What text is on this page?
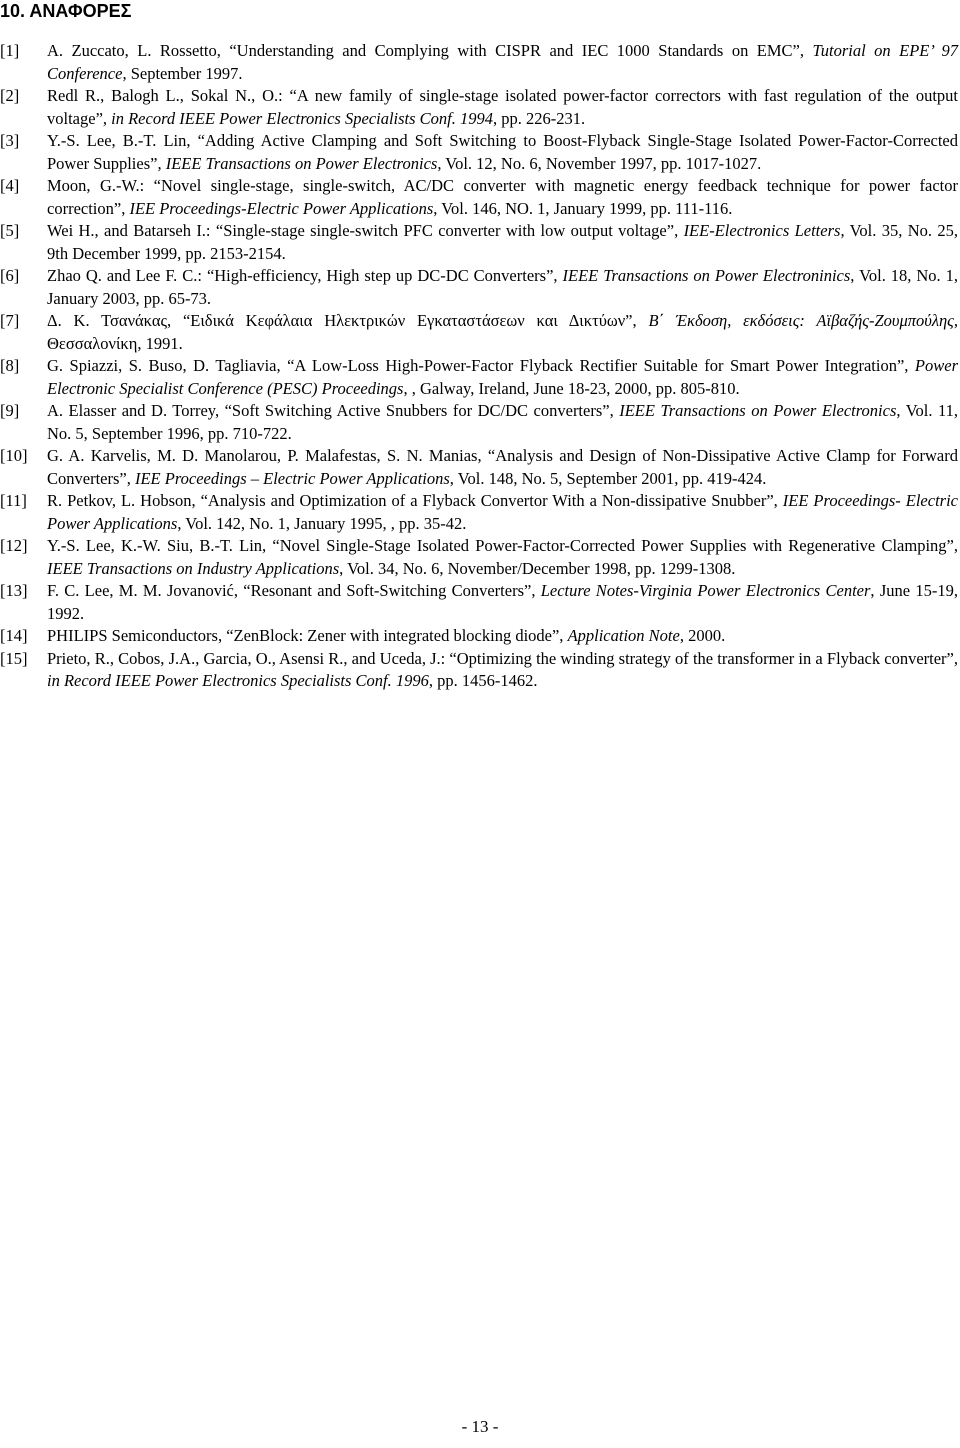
10. ΑΝΑΦΟΡΕΣ
[1]	A. Zuccato, L. Rossetto, “Understanding and Complying with CISPR and IEC 1000 Standards on EMC”, Tutorial on EPE’ 97 Conference, September 1997.
[2]	Redl R., Balogh L., Sokal N., O.: “A new family of single-stage isolated power-factor correctors with fast regulation of the output voltage”, in Record IEEE Power Electronics Specialists Conf. 1994, pp. 226-231.
[3]	Y.-S. Lee, B.-T. Lin, “Adding Active Clamping and Soft Switching to Boost-Flyback Single-Stage Isolated Power-Factor-Corrected Power Supplies”, IEEE Transactions on Power Electronics, Vol. 12, No. 6, November 1997, pp. 1017-1027.
[4]	Moon, G.-W.: “Novel single-stage, single-switch, AC/DC converter with magnetic energy feedback technique for power factor correction”, IEE Proceedings-Electric Power Applications, Vol. 146, NO. 1, January 1999, pp. 111-116.
[5]	Wei H., and Batarseh I.: “Single-stage single-switch PFC converter with low output voltage”, IEE-Electronics Letters, Vol. 35, No. 25, 9th December 1999, pp. 2153-2154.
[6]	Zhao Q. and Lee F. C.: “High-efficiency, High step up DC-DC Converters”, IEEE Transactions on Power Electroninics, Vol. 18, No. 1, January 2003, pp. 65-73.
[7]	Δ. Κ. Τσανάκας, “Ειδικά Κεφάλαια Ηλεκτρικών Εγκαταστάσεων και Δικτύων”, Β΄ Έκδοση, εκδόσεις: Αϊβαζής-Ζουμπούλης, Θεσσαλονίκη, 1991.
[8]	G. Spiazzi, S. Buso, D. Tagliavia, “A Low-Loss High-Power-Factor Flyback Rectifier Suitable for Smart Power Integration”, Power Electronic Specialist Conference (PESC) Proceedings, , Galway, Ireland, June 18-23, 2000, pp. 805-810.
[9]	A. Elasser and D. Torrey, “Soft Switching Active Snubbers for DC/DC converters”, IEEE Transactions on Power Electronics, Vol. 11, No. 5, September 1996, pp. 710-722.
[10]	G. A. Karvelis, M. D. Manolarou, P. Malafestas, S. N. Manias, “Analysis and Design of Non-Dissipative Active Clamp for Forward Converters”, IEE Proceedings – Electric Power Applications, Vol. 148, No. 5, September 2001, pp. 419-424.
[11]	R. Petkov, L. Hobson, “Analysis and Optimization of a Flyback Convertor With a Non-dissipative Snubber”, IEE Proceedings- Electric Power Applications, Vol. 142, No. 1, January 1995, , pp. 35-42.
[12]	Y.-S. Lee, K.-W. Siu, B.-T. Lin, “Novel Single-Stage Isolated Power-Factor-Corrected Power Supplies with Regenerative Clamping”, IEEE Transactions on Industry Applications, Vol. 34, No. 6, November/December 1998, pp. 1299-1308.
[13]	F. C. Lee, M. M. Jovanović, “Resonant and Soft-Switching Converters”, Lecture Notes-Virginia Power Electronics Center, June 15-19, 1992.
[14]	PHILIPS Semiconductors, “ZenBlock: Zener with integrated blocking diode”, Application Note, 2000.
[15]	Prieto, R., Cobos, J.A., Garcia, O., Asensi R., and Uceda, J.: “Optimizing the winding strategy of the transformer in a Flyback converter”, in Record IEEE Power Electronics Specialists Conf. 1996, pp. 1456-1462.
- 13 -
